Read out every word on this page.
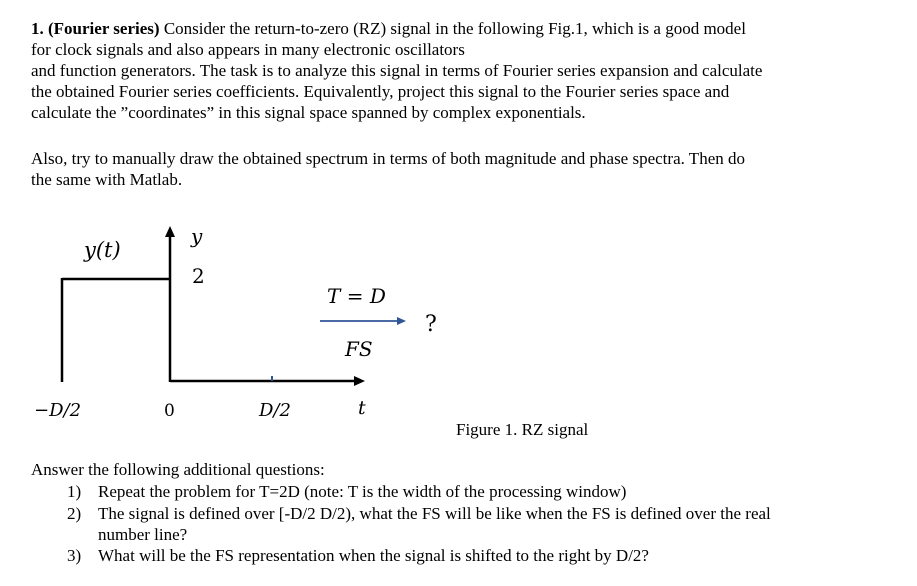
1. (Fourier series) Consider the return-to-zero (RZ) signal in the following Fig.1, which is a good model
for clock signals and also appears in many electronic oscillators
and function generators. The task is to analyze this signal in terms of Fourier series expansion and calculate
the obtained Fourier series coefficients. Equivalently, project this signal to the Fourier series space and
calculate the ”coordinates” in this signal space spanned by complex exponentials.
Also, try to manually draw the obtained spectrum in terms of both magnitude and phase spectra. Then do
the same with Matlab.
y(t)
y
2
−D/2	0	D/2	t
T = D
FS
?

Figure 1. RZ signal

Answer the following additional questions:

1) Repeat the problem for T=2D (note: T is the width of the processing window)
2) The signal is defined over [-D/2 D/2), what the FS will be like when the FS is defined over the real
number line?
3) What will be the FS representation when the signal is shifted to the right by D/2?
